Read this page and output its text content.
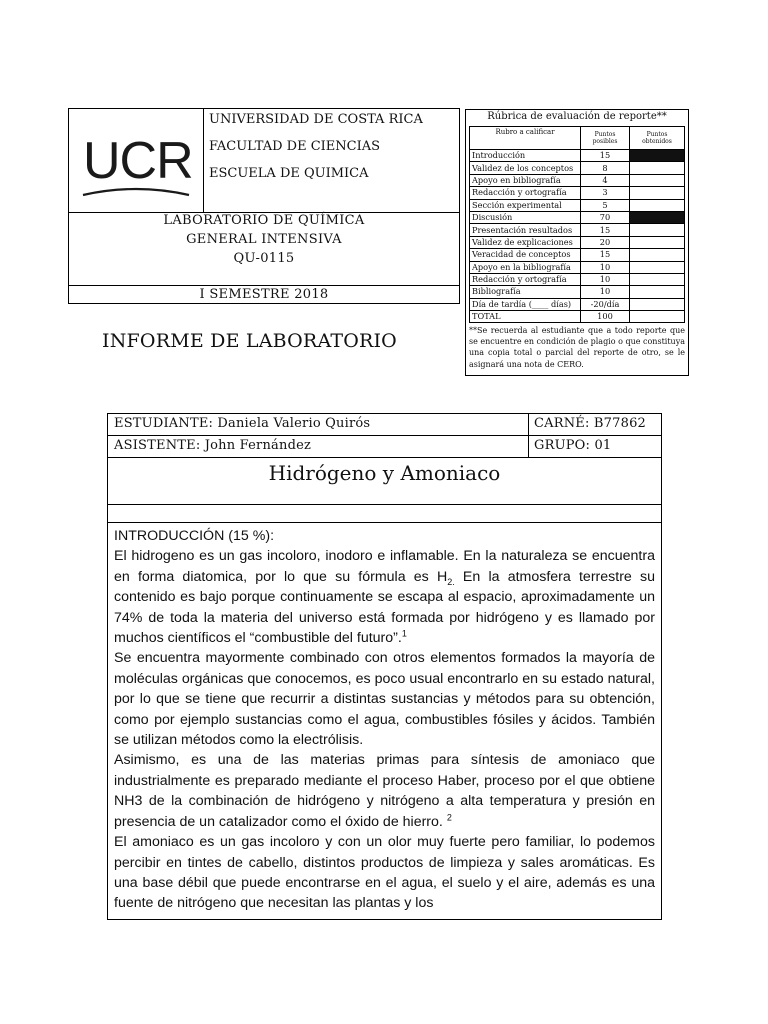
UCR
UNIVERSIDAD DE COSTA RICA
FACULTAD DE CIENCIAS
ESCUELA DE QUIMICA
LABORATORIO DE QUÍMICA
GENERAL INTENSIVA
QU-0115
I SEMESTRE 2018
INFORME DE LABORATORIO
Rúbrica de evaluación de reporte**
Rubro a calificar	Puntos posibles	Puntos obtenidos
Introducción	15	
Validez de los conceptos	8	
Apoyo en bibliografía	4	
Redacción y ortografía	3	
Sección experimental	5	
Discusión	70	
Presentación resultados	15	
Validez de explicaciones	20	
Veracidad de conceptos	15	
Apoyo en la bibliografía	10	
Redacción y ortografía	10	
Bibliografía	10	
Día de tardía (____ días)	-20/día	
TOTAL	100	
**Se recuerda al estudiante que a todo reporte que se encuentre en condición de plagio o que constituya una copia total o parcial del reporte de otro, se le asignará una nota de CERO.
ESTUDIANTE: Daniela Valerio Quirós	CARNÉ: B77862
ASISTENTE: John Fernández	GRUPO: 01
Hidrógeno y Amoniaco

INTRODUCCIÓN (15 %):

El hidrogeno es un gas incoloro, inodoro e inflamable. En la naturaleza se encuentra en forma diatomica, por lo que su fórmula es $H_{2.}$ En la atmosfera terrestre su contenido es bajo porque continuamente se escapa al espacio, aproximadamente un 74% de toda la materia del universo está formada por hidrógeno y es llamado por muchos científicos el “combustible del futuro”.$^1$

Se encuentra mayormente combinado con otros elementos formados la mayoría de moléculas orgánicas que conocemos, es poco usual encontrarlo en su estado natural, por lo que se tiene que recurrir a distintas sustancias y métodos para su obtención, como por ejemplo sustancias como el agua, combustibles fósiles y ácidos. También se utilizan métodos como la electrólisis.

Asimismo, es una de las materias primas para síntesis de amoniaco que industrialmente es preparado mediante el proceso Haber, proceso por el que obtiene NH3 de la combinación de hidrógeno y nitrógeno a alta temperatura y presión en presencia de un catalizador como el óxido de hierro. $^2$

El amoniaco es un gas incoloro y con un olor muy fuerte pero familiar, lo podemos percibir en tintes de cabello, distintos productos de limpieza y sales aromáticas. Es una base débil que puede encontrarse en el agua, el suelo y el aire, además es una fuente de nitrógeno que necesitan las plantas y los
